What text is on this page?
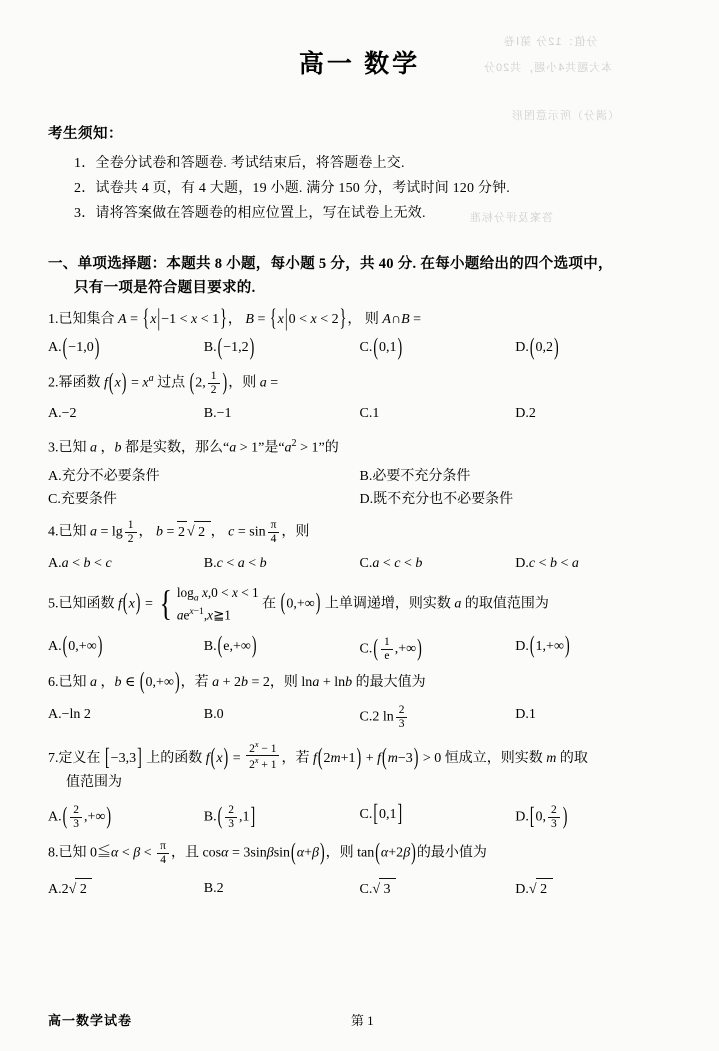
分值：12分 第Ⅰ卷
本大题共4小题，共20分
（满分）所示意图形
答案及评分标准
高一 数学
考生须知：
1．全卷分试卷和答题卷. 考试结束后，将答题卷上交.
2．试卷共 4 页，有 4 大题，19 小题. 满分 150 分，考试时间 120 分钟.
3．请将答案做在答题卷的相应位置上，写在试卷上无效.
一、单项选择题：本题共 8 小题，每小题 5 分，共 40 分. 在每小题给出的四个选项中，
只有一项是符合题目要求的.
1.已知集合 A = {x|−1 < x < 1}， B = {x|0 < x < 2}， 则 A∩B =
A.(−1,0)	B.(−1,2)	C.(0,1)	D.(0,2)
2.幂函数 $f(x) = x^a$ 过点 (2, $\frac{1}{2}$ )，则 a =
A.−2	B.−1	C.1	D.2
3.已知 a ，b 都是实数，那么“a > 1”是“$a^2 > 1$”的
A.充分不必要条件	B.必要不充分条件
C.充要条件	D.既不充分也不必要条件
4.已知 $a = \lg \frac{1}{2}$ ， b = 2 √ 2 ， $c = \sin \frac{\pi}{4}$ ，则
A.a < b < c	B.c < a < b	C.a < c < b	D.c < b < a
5.已知函数 f(x) = { $\log_a x,0 < x < 1$
$ae^{x-1},x≧1$ 在 (0,+∞) 上单调递增，则实数 a 的取值范围为
A.(0,+∞)	B.(e,+∞)	$C.( \frac{1}{e}$ ,+∞)	D.(1,+∞)
6.已知 a ，b ∈ (0,+∞)，若 a + 2b = 2，则 lna + lnb 的最大值为
A.−ln 2	B.0	C.2 $\ln \frac{2}{3}$	D.1
7.定义在 [−3,3] 上的函数 $f(x) = \frac{2^x - 1}{2^x + 1}$ ，若 f(2m+1) + f(m−3) > 0 恒成立，则实数 m 的取
值范围为
$A.( \frac{2}{3}$ ,+∞)	$B.( \frac{2}{3} ,1]$	C.[0,1]	D.[0, $\frac{2}{3}$ )
8.已知 0≦α < $\beta < \frac{\pi}{4}$ ，且 cosα = 3sinβsin(α+β)，则 tan(α+2β)的最小值为
A.2√ 2	B.2	C.√ 3	D.√ 2
高一数学试卷	第 1
